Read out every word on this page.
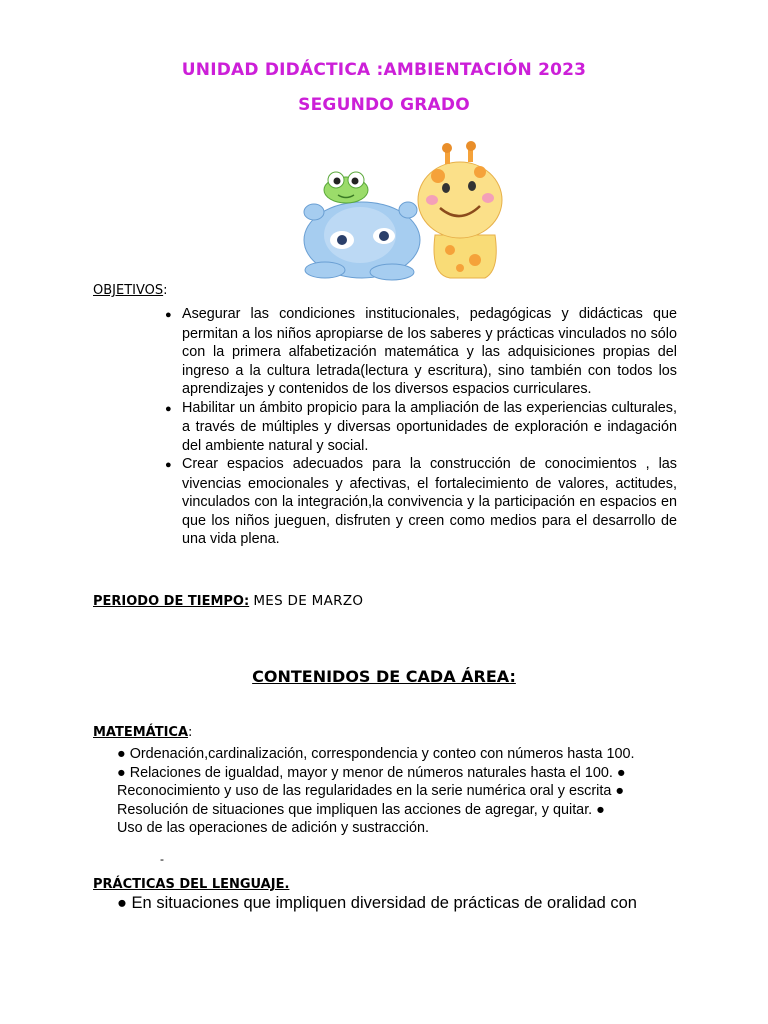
UNIDAD DIDÁCTICA :AMBIENTACIÓN 2023
SEGUNDO GRADO
OBJETIVOS:
● Asegurar las condiciones institucionales, pedagógicas y didácticas que permitan a los niños apropiarse de los saberes y prácticas vinculados no sólo con la primera alfabetización matemática y las adquisiciones propias del ingreso a la cultura letrada(lectura y escritura), sino también con todos los aprendizajes y contenidos de los diversos espacios curriculares.
● Habilitar un ámbito propicio para la ampliación de las experiencias culturales, a través de múltiples y diversas oportunidades de exploración e indagación del ambiente natural y social.
● Crear espacios adecuados para la construcción de conocimientos , las vivencias emocionales y afectivas, el fortalecimiento de valores, actitudes, vinculados con la integración,la convivencia y la participación en espacios en que los niños jueguen, disfruten y creen como medios para el desarrollo de una vida plena.
PERIODO DE TIEMPO: MES DE MARZO
CONTENIDOS DE CADA ÁREA:
MATEMÁTICA:
● Ordenación,cardinalización, correspondencia y conteo con números hasta 100.
● Relaciones de igualdad, mayor y menor de números naturales hasta el 100. ●
Reconocimiento y uso de las regularidades en la serie numérica oral y escrita ●
Resolución de situaciones que impliquen las acciones de agregar, y quitar. ●
Uso de las operaciones de adición y sustracción.
-
PRÁCTICAS DEL LENGUAJE.
● En situaciones que impliquen diversidad de prácticas de oralidad con
